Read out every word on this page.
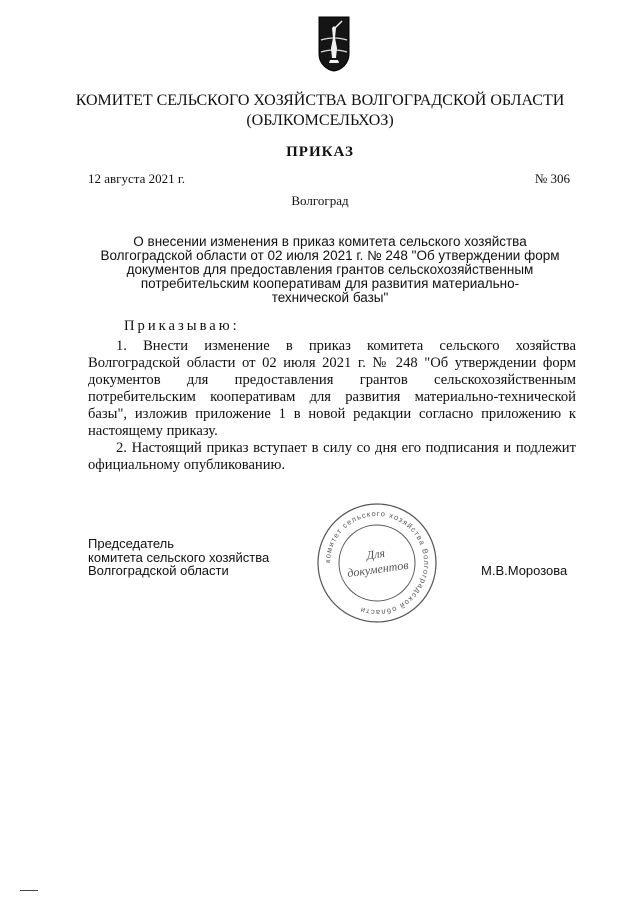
КОМИТЕТ СЕЛЬСКОГО ХОЗЯЙСТВА ВОЛГОГРАДСКОЙ ОБЛАСТИ
(ОБЛКОМСЕЛЬХОЗ)
ПРИКАЗ
12 августа 2021 г.	№ 306
Волгоград
О внесении изменения в приказ комитета сельского хозяйства
Волгоградской области от 02 июля 2021 г. № 248 "Об утверждении форм
документов для предоставления грантов сельскохозяйственным
потребительским кооперативам для развития материально-
технической базы"
Приказываю:

1. Внести изменение в приказ комитета сельского хозяйства Волгоградской области от 02 июля 2021 г. № 248 "Об утверждении форм документов для предоставления грантов сельскохозяйственным потребительским кооперативам для развития материально-технической базы", изложив приложение 1 в новой редакции согласно приложению к настоящему приказу.

2. Настоящий приказ вступает в силу со дня его подписания и подлежит официальному опубликованию.

Председатель
комитета сельского хозяйства
Волгоградской области
комитет сельского хозяйства Волгоградской области
Для
документов	М.В.Морозова
